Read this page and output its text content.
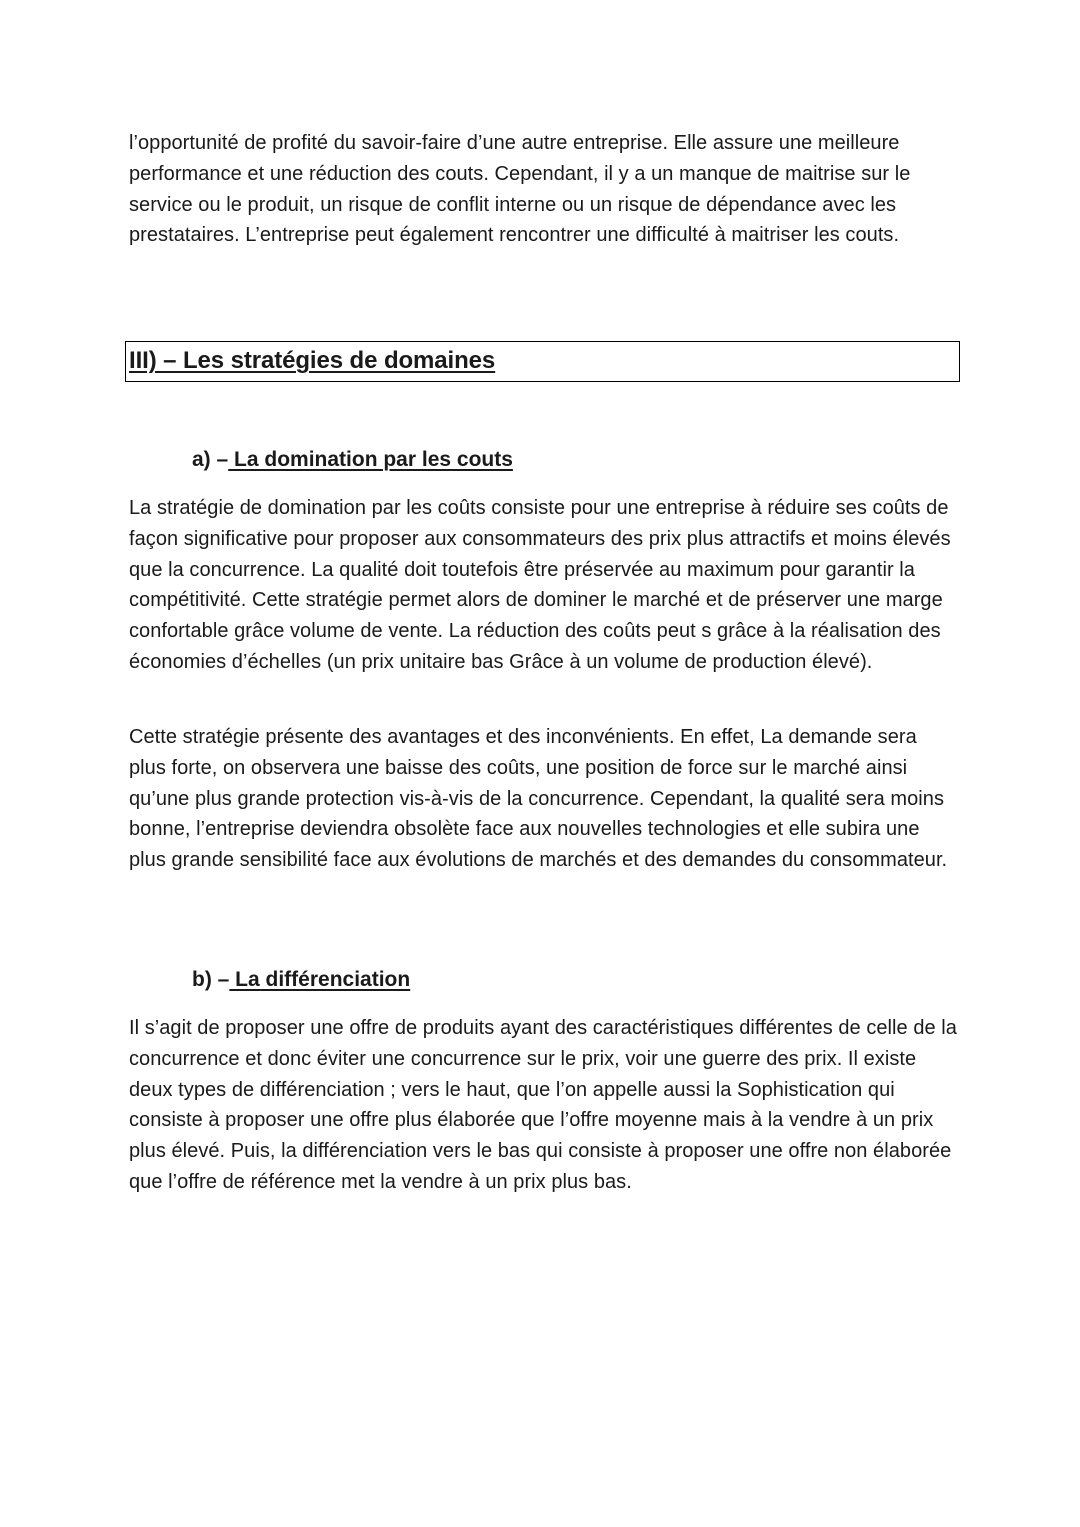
l’opportunité de profité du savoir-faire d’une autre entreprise. Elle assure une meilleure performance et une réduction des couts. Cependant, il y a un manque de maitrise sur le service ou le produit, un risque de conflit interne ou un risque de dépendance avec les prestataires. L’entreprise peut également rencontrer une difficulté à maitriser les couts.

III) – Les stratégies de domaines
a) – La domination par les couts

La stratégie de domination par les coûts consiste pour une entreprise à réduire ses coûts de façon significative pour proposer aux consommateurs des prix plus attractifs et moins élevés que la concurrence. La qualité doit toutefois être préservée au maximum pour garantir la compétitivité. Cette stratégie permet alors de dominer le marché et de préserver une marge confortable grâce volume de vente. La réduction des coûts peut s grâce à la réalisation des économies d’échelles (un prix unitaire bas Grâce à un volume de production élevé).

Cette stratégie présente des avantages et des inconvénients. En effet, La demande sera plus forte, on observera une baisse des coûts, une position de force sur le marché ainsi qu’une plus grande protection vis-à-vis de la concurrence. Cependant, la qualité sera moins bonne, l’entreprise deviendra obsolète face aux nouvelles technologies et elle subira une plus grande sensibilité face aux évolutions de marchés et des demandes du consommateur.

b) – La différenciation

Il s’agit de proposer une offre de produits ayant des caractéristiques différentes de celle de la concurrence et donc éviter une concurrence sur le prix, voir une guerre des prix. Il existe deux types de différenciation ; vers le haut, que l’on appelle aussi la Sophistication qui consiste à proposer une offre plus élaborée que l’offre moyenne mais à la vendre à un prix plus élevé. Puis, la différenciation vers le bas qui consiste à proposer une offre non élaborée que l’offre de référence met la vendre à un prix plus bas.
